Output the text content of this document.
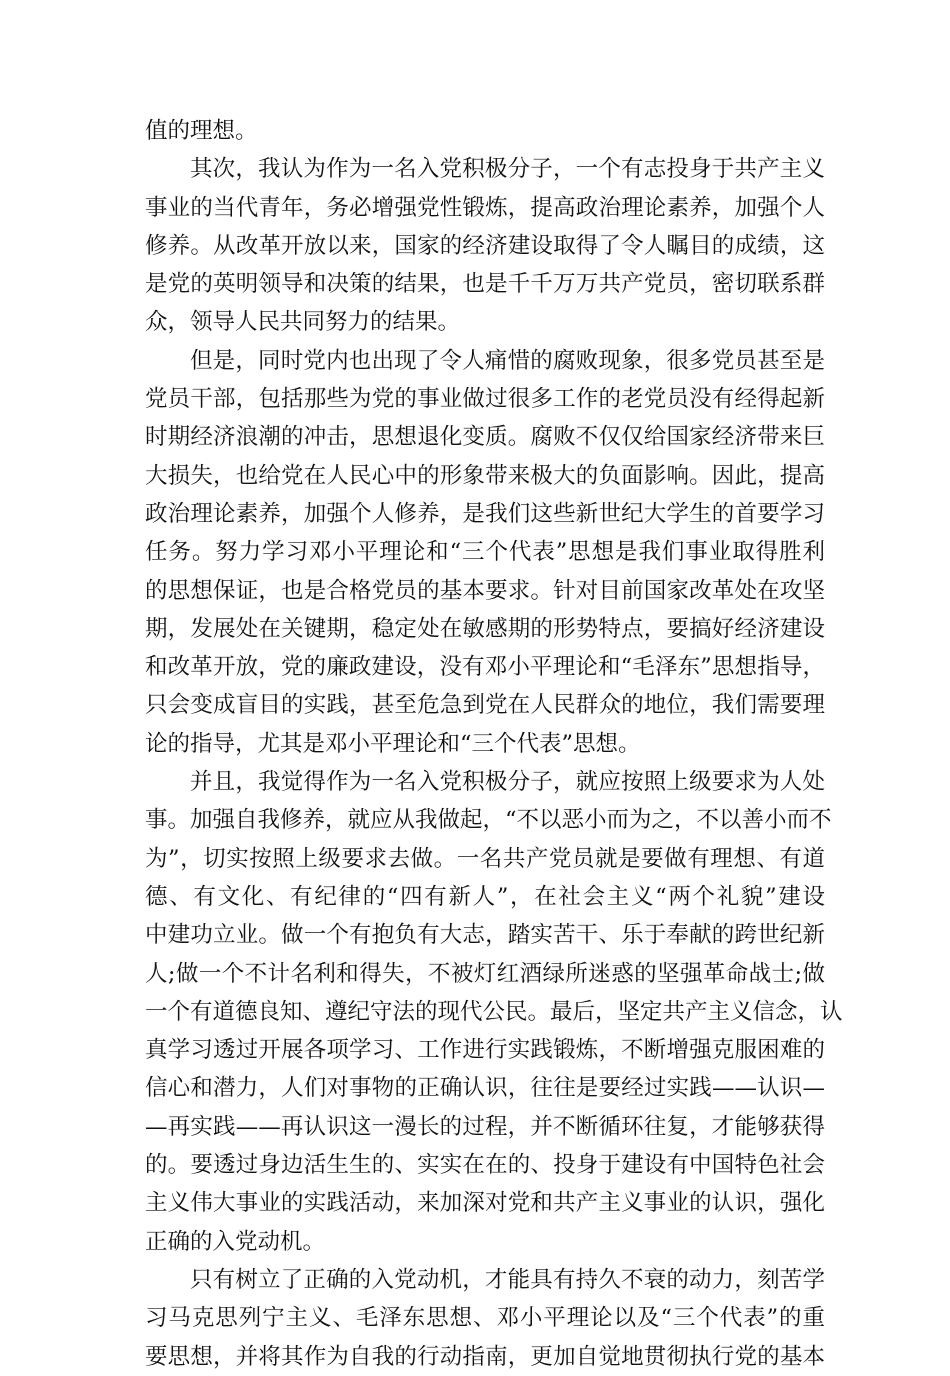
值的理想。
其次，我认为作为一名入党积极分子，一个有志投身于共产主义
事业的当代青年，务必增强党性锻炼，提高政治理论素养，加强个人
修养。从改革开放以来，国家的经济建设取得了令人瞩目的成绩，这
是党的英明领导和决策的结果，也是千千万万共产党员，密切联系群
众，领导人民共同努力的结果。
但是，同时党内也出现了令人痛惜的腐败现象，很多党员甚至是
党员干部，包括那些为党的事业做过很多工作的老党员没有经得起新
时期经济浪潮的冲击，思想退化变质。腐败不仅仅给国家经济带来巨
大损失，也给党在人民心中的形象带来极大的负面影响。因此，提高
政治理论素养，加强个人修养，是我们这些新世纪大学生的首要学习
任务。努力学习邓小平理论和“三个代表”思想是我们事业取得胜利
的思想保证，也是合格党员的基本要求。针对目前国家改革处在攻坚
期，发展处在关键期，稳定处在敏感期的形势特点，要搞好经济建设
和改革开放，党的廉政建设，没有邓小平理论和“毛泽东”思想指导，
只会变成盲目的实践，甚至危急到党在人民群众的地位，我们需要理
论的指导，尤其是邓小平理论和“三个代表”思想。
并且，我觉得作为一名入党积极分子，就应按照上级要求为人处
事。加强自我修养，就应从我做起，“不以恶小而为之，不以善小而不
为”，切实按照上级要求去做。一名共产党员就是要做有理想、有道
德、有文化、有纪律的“四有新人”，在社会主义“两个礼貌”建设
中建功立业。做一个有抱负有大志，踏实苦干、乐于奉献的跨世纪新
人;做一个不计名利和得失，不被灯红酒绿所迷惑的坚强革命战士;做
一个有道德良知、遵纪守法的现代公民。最后，坚定共产主义信念，认
真学习透过开展各项学习、工作进行实践锻炼，不断增强克服困难的
信心和潜力，人们对事物的正确认识，往往是要经过实践——认识—
—再实践——再认识这一漫长的过程，并不断循环往复，才能够获得
的。要透过身边活生生的、实实在在的、投身于建设有中国特色社会
主义伟大事业的实践活动，来加深对党和共产主义事业的认识，强化
正确的入党动机。
只有树立了正确的入党动机，才能具有持久不衰的动力，刻苦学
习马克思列宁主义、毛泽东思想、邓小平理论以及“三个代表”的重
要思想，并将其作为自我的行动指南，更加自觉地贯彻执行党的基本
